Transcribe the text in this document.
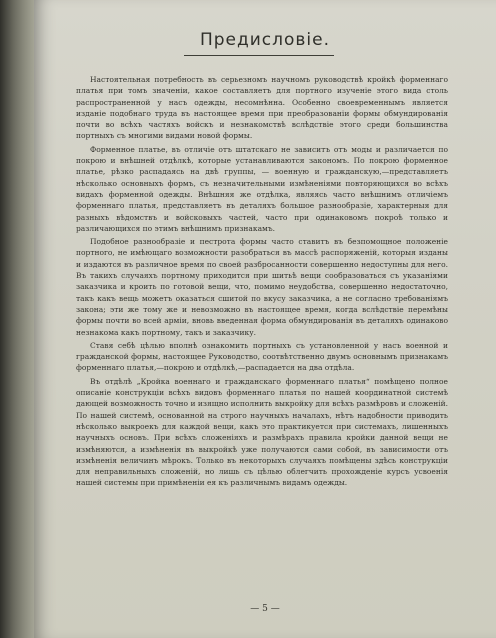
Предисловіе.

Настоятельная потребность въ серьезномъ научномъ руководствѣ кройкѣ форменнаго платья при томъ значеніи, какое составляетъ для портного изученіе этого вида столь распространенной у насъ одежды, несомнѣнна. Особенно своевременнымъ является изданіе подобнаго труда въ настоящее время при преобразованіи формы обмундированія почти во всѣхъ частяхъ войскъ и незнакомствѣ вслѣдствіе этого среди большинства портныхъ съ многими видами новой формы.

Форменное платье, въ отличіе отъ штатскаго не зависитъ отъ моды и различается по покрою и внѣшней отдѣлкѣ, которые устанавливаются закономъ. По покрою форменное платье, рѣзко распадаясь на двѣ группы, — военную и гражданскую,—представляетъ нѣсколько основныхъ формъ, съ незначительными измѣненіями повторяющихся во всѣхъ видахъ форменной одежды. Внѣшняя же отдѣлка, являясь часто внѣшнимъ отличіемъ форменнаго платья, представляетъ въ деталяхъ большое разнообразіе, характерныя для разныхъ вѣдомствъ и войсковыхъ частей, часто при одинаковомъ покроѣ только и различающихся по этимъ внѣшнимъ признакамъ.

Подобное разнообразіе и пестрота формы часто ставитъ въ безпомощное положеніе портного, не имѣющаго возможности разобраться въ массѣ распоряженій, которыя изданы и издаются въ различное время по своей разбросанности совершенно недоступны для него. Въ такихъ случаяхъ портному приходится при шитьѣ вещи сообразоваться съ указаніями заказчика и кроить по готовой вещи, что, помимо неудобства, совершенно недостаточно, такъ какъ вещь можетъ оказаться сшитой по вкусу заказчика, а не согласно требованіямъ закона; эти же тому же и невозможно въ настоящее время, когда вслѣдствіе перемѣны формы почти во всей арміи, вновь введенная форма обмундированія въ деталяхъ одинаково незнакома какъ портному, такъ и заказчику.

Ставя себѣ цѣлью вполнѣ ознакомить портныхъ съ установленной у насъ военной и гражданской формы, настоящее Руководство, соотвѣтственно двумъ основнымъ признакамъ форменнаго платья,—покрою и отдѣлкѣ,—распадается на два отдѣла.

Въ отдѣлѣ „Кройка военнаго и гражданскаго форменнаго платья“ помѣщено полное описаніе конструкціи всѣхъ видовъ форменнаго платья по нашей координатной системѣ дающей возможность точно и изящно исполнить выкройку для всѣхъ размѣровъ и сложеній. По нашей системѣ, основанной на строго научныхъ началахъ, нѣтъ надобности приводить нѣсколько выкроекъ для каждой вещи, какъ это практикуется при системахъ, лишенныхъ научныхъ основъ. При всѣхъ сложеніяхъ и размѣрахъ правила кройки данной вещи не измѣняются, а измѣненія въ выкройкѣ уже получаются сами собой, въ зависимости отъ измѣненія величинъ мѣрокъ. Только въ некоторыхъ случаяхъ помѣщены здѣсь конструкціи для неправильныхъ сложеній, но лишь съ цѣлью облегчить прохожденіе курсъ усвоенія нашей системы при примѣненіи ея къ различнымъ видамъ одежды.

— 5 —
